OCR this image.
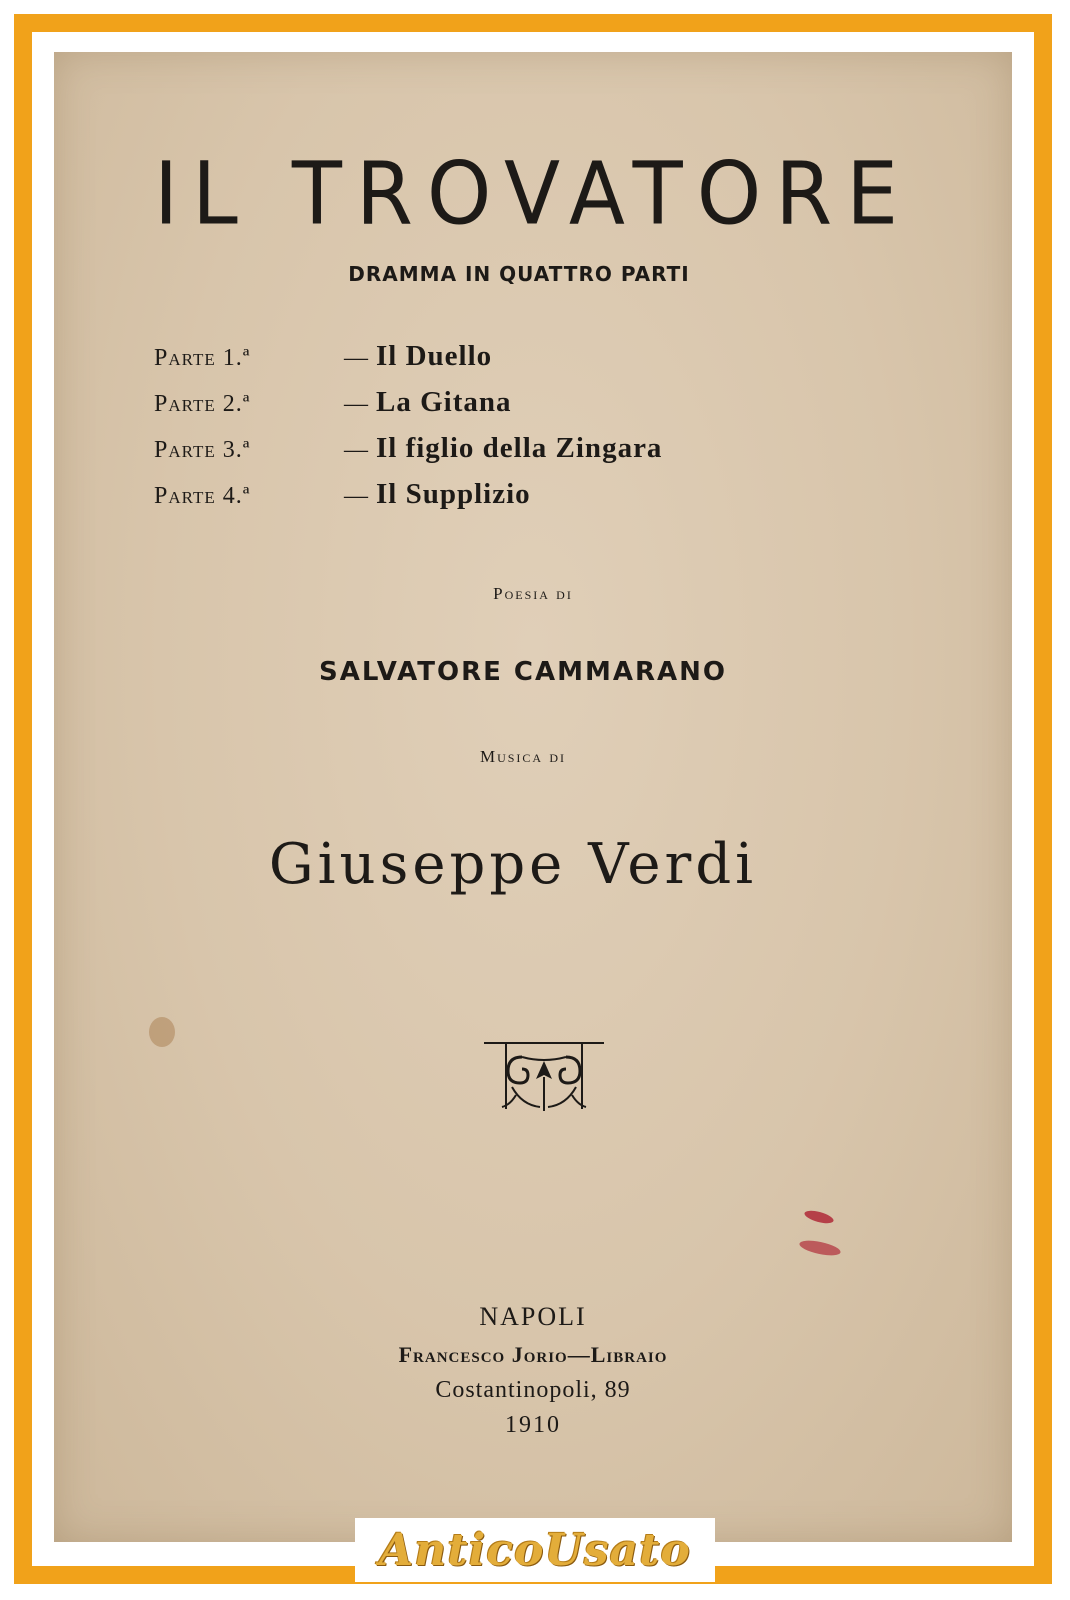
IL TROVATORE
DRAMMA IN QUATTRO PARTI
Parte 1.ª	— Il Duello
Parte 2.ª	— La Gitana
Parte 3.ª	— Il figlio della Zingara
Parte 4.ª	— Il Supplizio
Poesia di
SALVATORE CAMMARANO
Musica di
Giuseppe Verdi
NAPOLI
Francesco Jorio—Libraio
Costantinopoli, 89
1910
AnticoUsato
